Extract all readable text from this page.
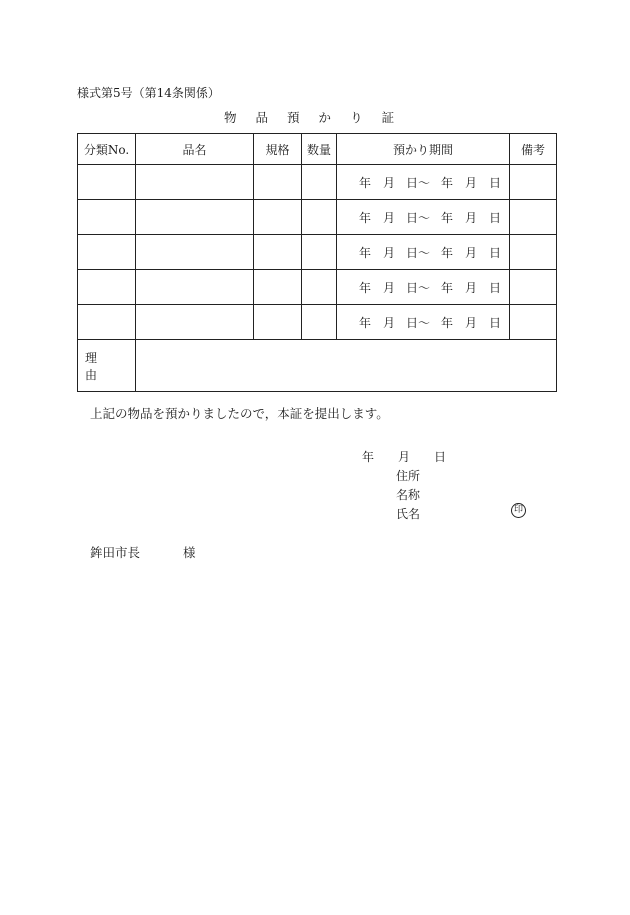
様式第5号（第14条関係）
物 品 預 か り 証
分類No.	品名	規格	数量	預かり期間	備考
				年 月 日〜 年 月 日	
				年 月 日〜 年 月 日	
				年 月 日〜 年 月 日	
				年 月 日〜 年 月 日	
				年 月 日〜 年 月 日	
理由					
上記の物品を預かりましたので，本証を提出します。
年 月 日
住所
名称
氏名	印
鉾田市長	様
